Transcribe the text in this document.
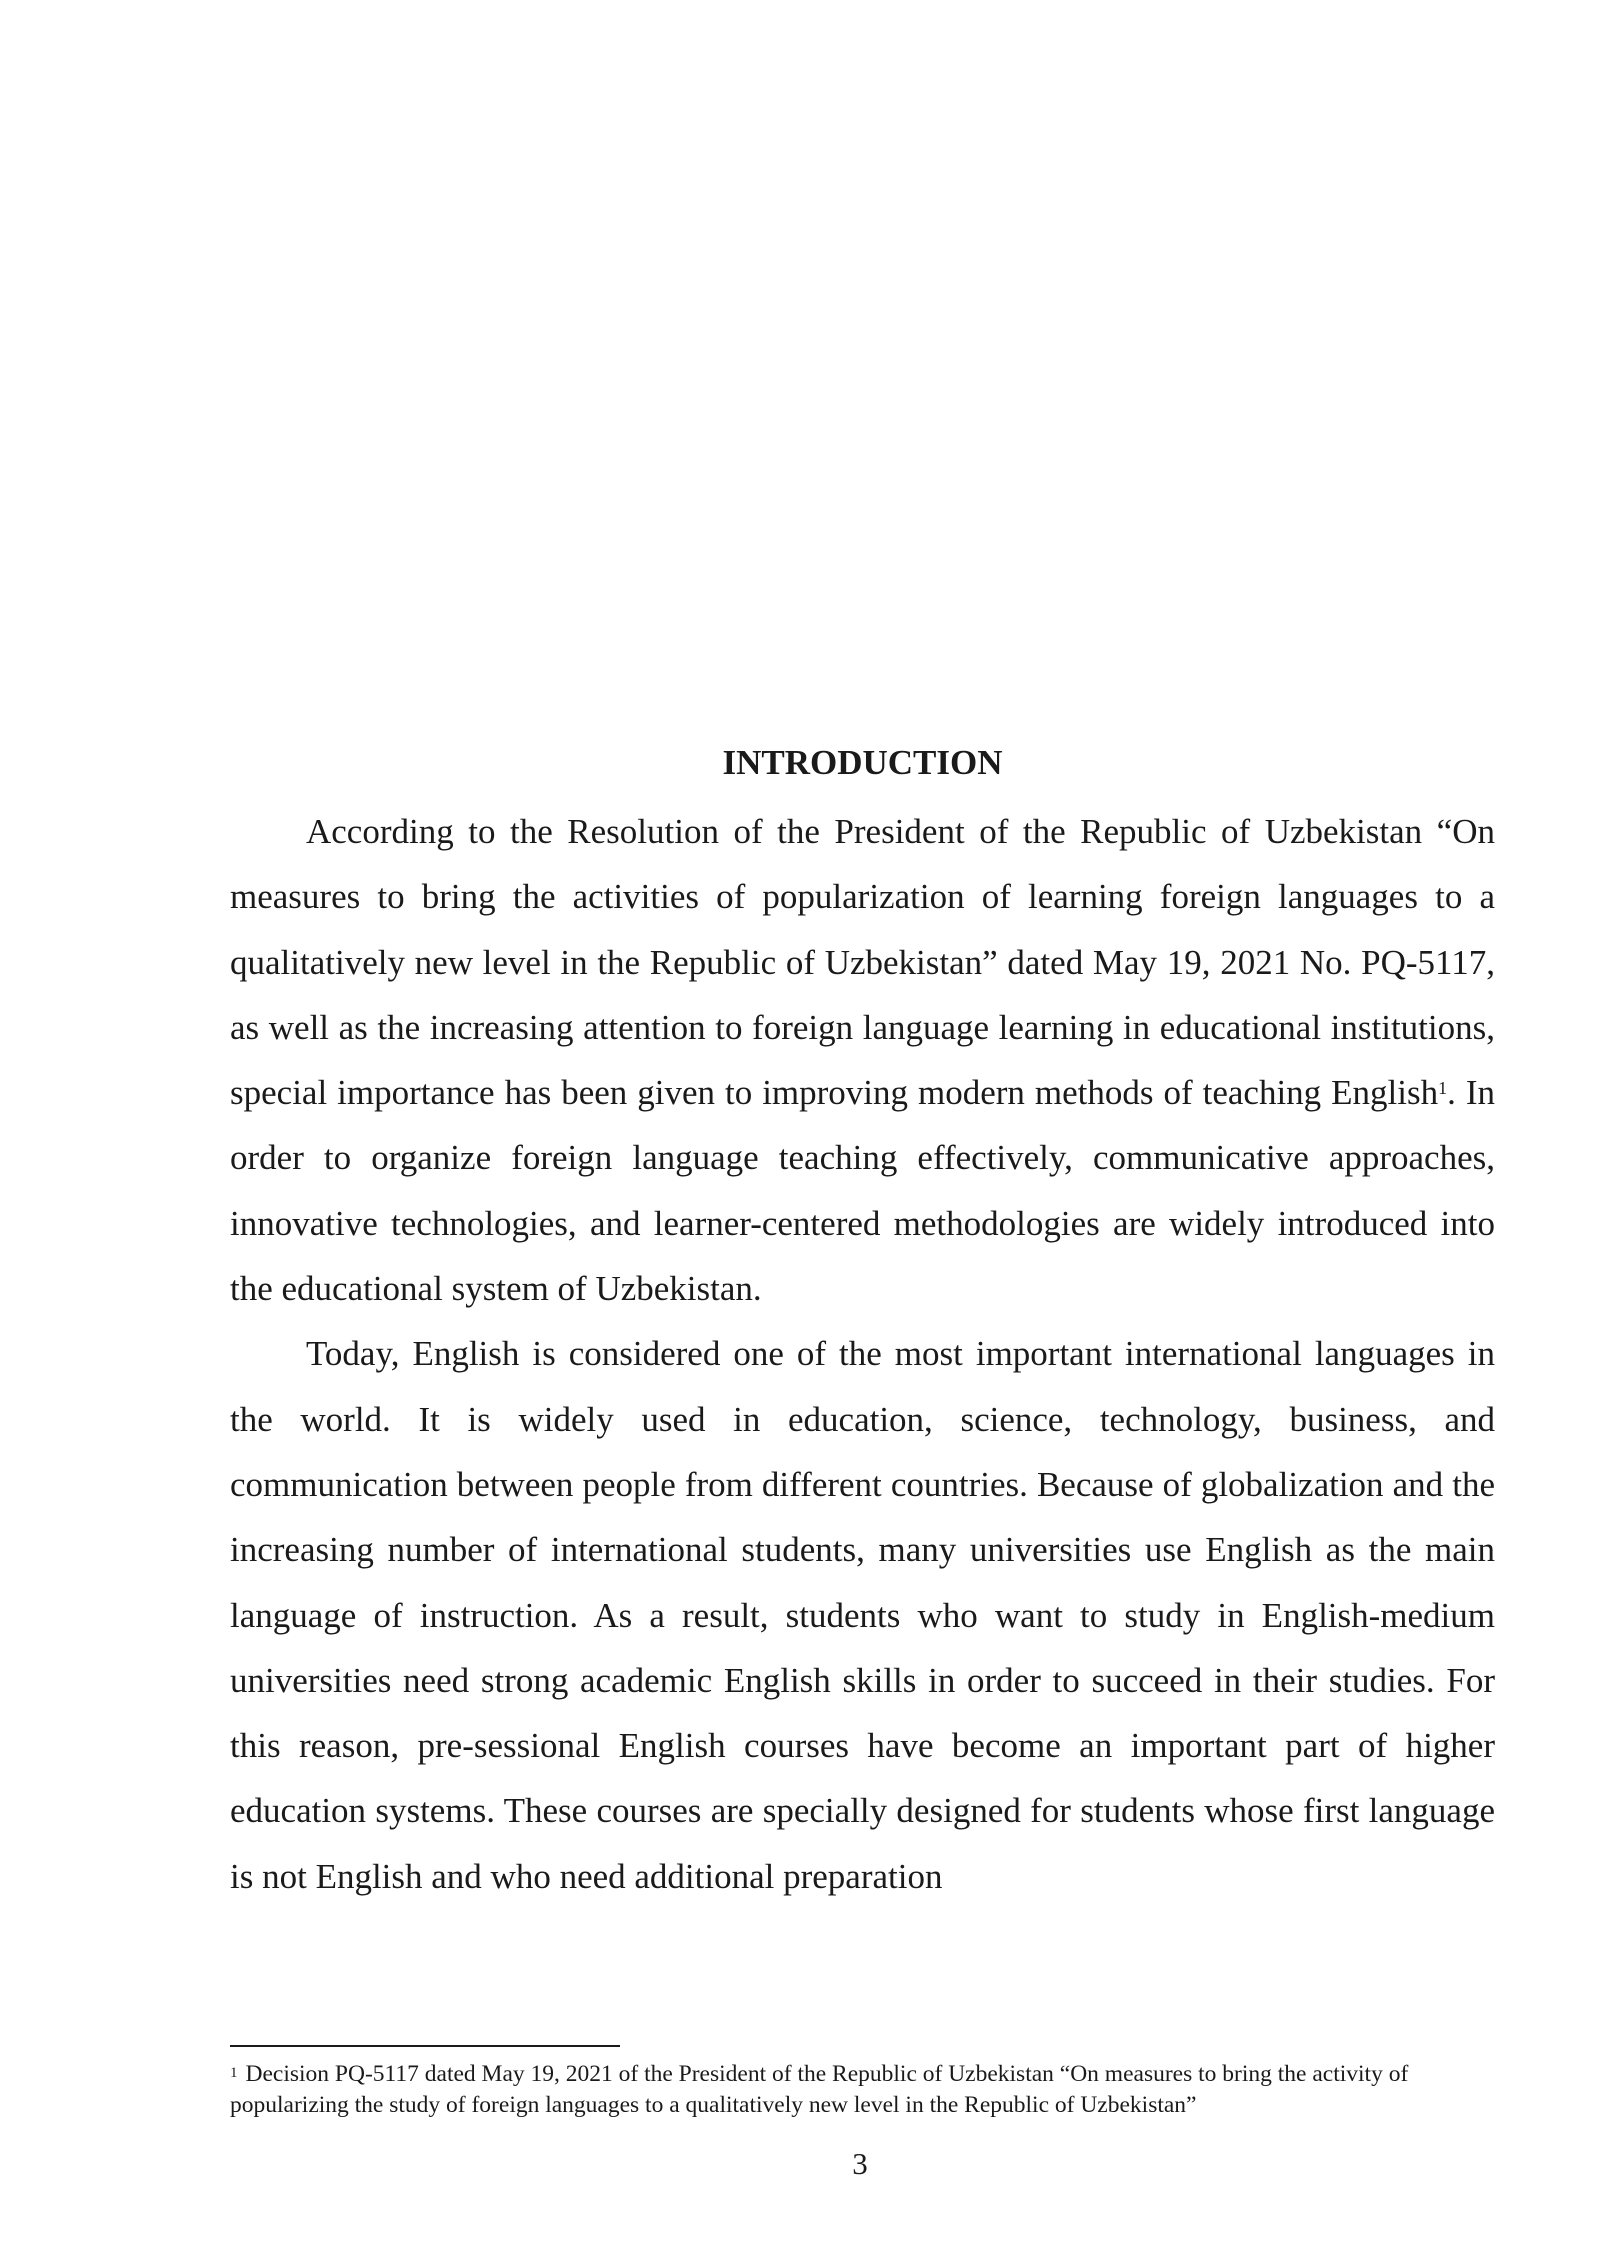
INTRODUCTION

According to the Resolution of the President of the Republic of Uzbekistan “On measures to bring the activities of popularization of learning foreign languages to a qualitatively new level in the Republic of Uzbekistan” dated May 19, 2021 No. PQ-5117, as well as the increasing attention to foreign language learning in educational institutions, special importance has been given to improving modern methods of teaching English$^1$. In order to organize foreign language teaching effectively, communicative approaches, innovative technologies, and learner-centered methodologies are widely introduced into the educational system of Uzbekistan.

Today, English is considered one of the most important international languages in the world. It is widely used in education, science, technology, business, and communication between people from different countries. Because of globalization and the increasing number of international students, many universities use English as the main language of instruction. As a result, students who want to study in English-medium universities need strong academic English skills in order to succeed in their studies. For this reason, pre-sessional English courses have become an important part of higher education systems. These courses are specially designed for students whose first language is not English and who need additional preparation

$^1$ Decision PQ-5117 dated May 19, 2021 of the President of the Republic of Uzbekistan “On measures to bring the activity of popularizing the study of foreign languages to a qualitatively new level in the Republic of Uzbekistan”

3
